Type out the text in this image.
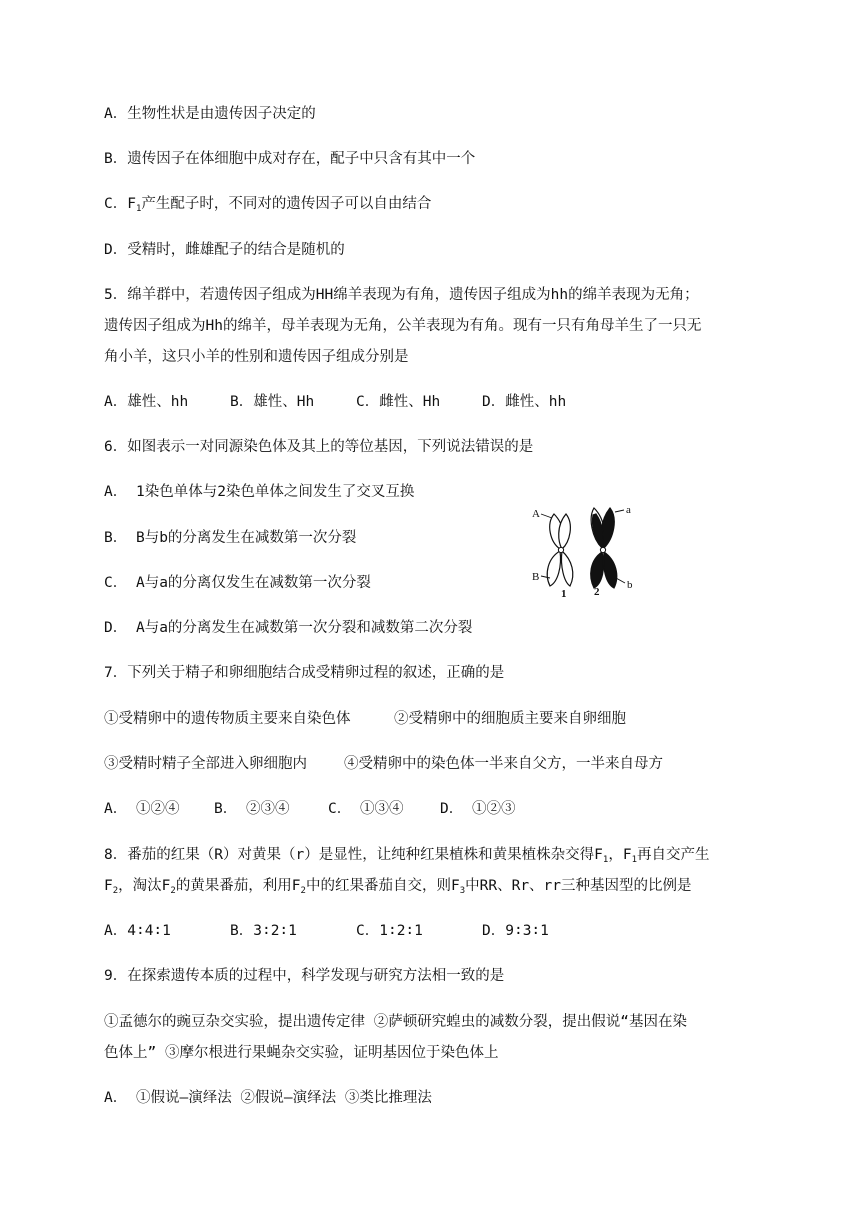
A．生物性状是由遗传因子决定的
B．遗传因子在体细胞中成对存在，配子中只含有其中一个
C．$F_1$产生配子时，不同对的遗传因子可以自由结合
D．受精时，雌雄配子的结合是随机的
5．绵羊群中，若遗传因子组成为HH绵羊表现为有角，遗传因子组成为hh的绵羊表现为无角；
遗传因子组成为Hh的绵羊，母羊表现为无角，公羊表现为有角。现有一只有角母羊生了一只无
角小羊，这只小羊的性别和遗传因子组成分别是
A．雄性、hh	B．雄性、Hh	C．雌性、Hh	D．雌性、hh
6．如图表示一对同源染色体及其上的等位基因，下列说法错误的是
A． 1染色单体与2染色单体之间发生了交叉互换
B． B与b的分离发生在减数第一次分裂
C． A与a的分离仅发生在减数第一次分裂
D． A与a的分离发生在减数第一次分裂和减数第二次分裂
A	a
B
b
1	2
7．下列关于精子和卵细胞结合成受精卵过程的叙述，正确的是
①受精卵中的遗传物质主要来自染色体	②受精卵中的细胞质主要来自卵细胞
③受精时精子全部进入卵细胞内	④受精卵中的染色体一半来自父方，一半来自母方
A． ①②④ B． ②③④	C． ①③④	D． ①②③
8．番茄的红果（R）对黄果（r）是显性，让纯种红果植株和黄果植株杂交得$F_1$，$F_1$再自交产生
$F_2$，淘汰$F_2$的黄果番茄，利用$F_2$中的红果番茄自交，则$F_3$中RR、Rr、rr三种基因型的比例是
A．4∶4∶1	B．3∶2∶1	C．1∶2∶1	D．9∶3∶1
9．在探索遗传本质的过程中，科学发现与研究方法相一致的是
①孟德尔的豌豆杂交实验，提出遗传定律 ②萨顿研究蝗虫的减数分裂，提出假说“基因在染
色体上” ③摩尔根进行果蝇杂交实验，证明基因位于染色体上
A． ①假说—演绎法 ②假说—演绎法 ③类比推理法
